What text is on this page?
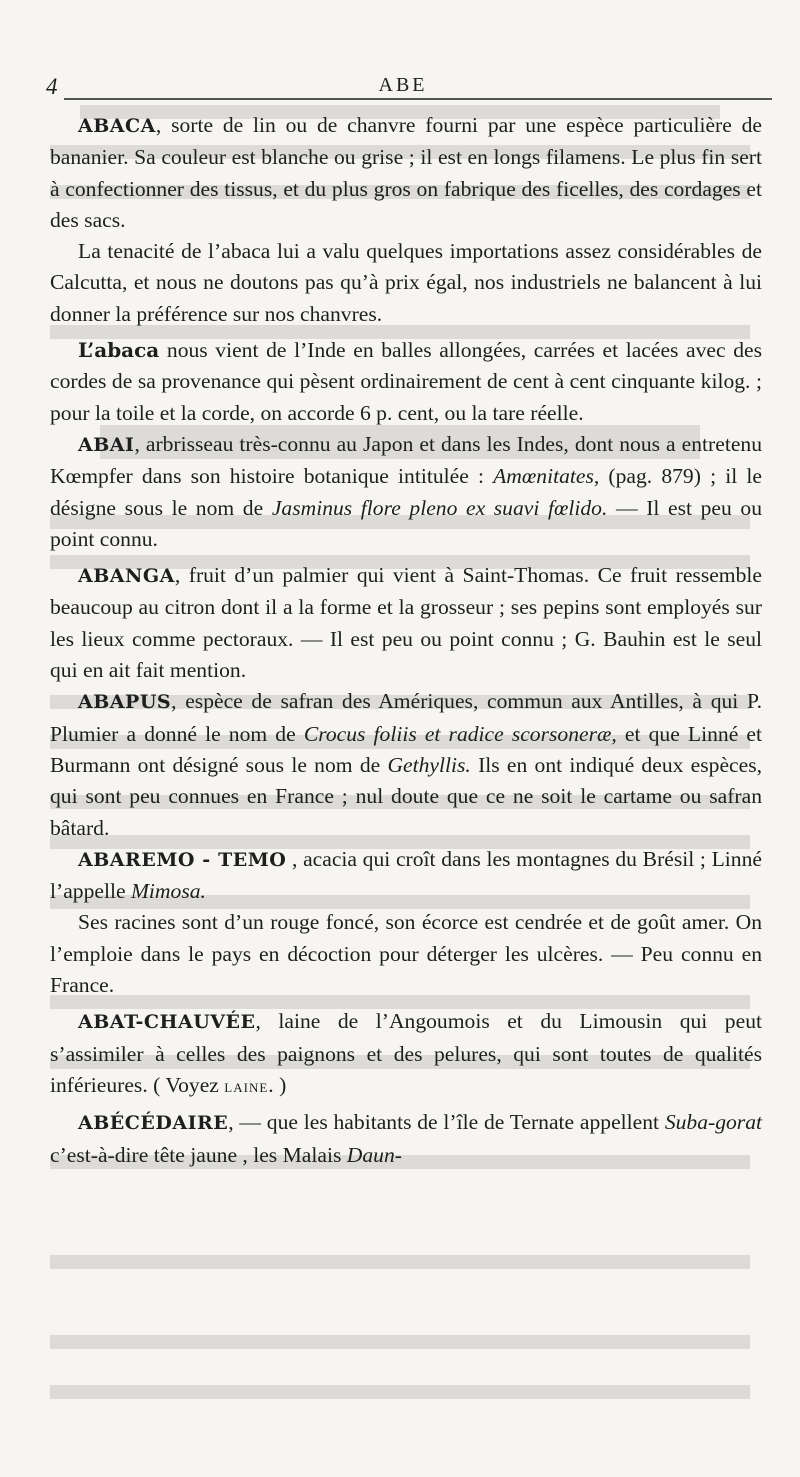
4	ABE

ABACA, sorte de lin ou de chanvre fourni par une espèce particulière de bananier. Sa couleur est blanche ou grise ; il est en longs filamens. Le plus fin sert à confectionner des tissus, et du plus gros on fabrique des ficelles, des cordages et des sacs.

La tenacité de l’abaca lui a valu quelques importations assez considérables de Calcutta, et nous ne doutons pas qu’à prix égal, nos industriels ne balancent à lui donner la préférence sur nos chanvres.

L’abaca nous vient de l’Inde en balles allongées, carrées et lacées avec des cordes de sa provenance qui pèsent ordinairement de cent à cent cinquante kilog. ; pour la toile et la corde, on accorde 6 p. cent, ou la tare réelle.

ABAI, arbrisseau très-connu au Japon et dans les Indes, dont nous a entretenu Kœmpfer dans son histoire botanique intitulée : Amœnitates, (pag. 879) ; il le désigne sous le nom de Jasminus flore pleno ex suavi fœlido. — Il est peu ou point connu.

ABANGA, fruit d’un palmier qui vient à Saint-Thomas. Ce fruit ressemble beaucoup au citron dont il a la forme et la grosseur ; ses pepins sont employés sur les lieux comme pectoraux. — Il est peu ou point connu ; G. Bauhin est le seul qui en ait fait mention.

ABAPUS, espèce de safran des Amériques, commun aux Antilles, à qui P. Plumier a donné le nom de Crocus foliis et radice scorsoneræ, et que Linné et Burmann ont désigné sous le nom de Gethyllis. Ils en ont indiqué deux espèces, qui sont peu connues en France ; nul doute que ce ne soit le cartame ou safran bâtard.

ABAREMO - TEMO , acacia qui croît dans les montagnes du Brésil ; Linné l’appelle Mimosa.

Ses racines sont d’un rouge foncé, son écorce est cendrée et de goût amer. On l’emploie dans le pays en décoction pour déterger les ulcères. — Peu connu en France.

ABAT-CHAUVÉE, laine de l’Angoumois et du Limousin qui peut s’assimiler à celles des paignons et des pelures, qui sont toutes de qualités inférieures. ( Voyez laine. )

ABÉCÉDAIRE, — que les habitants de l’île de Ternate appellent Suba-gorat c’est-à-dire tête jaune , les Malais Daun-
